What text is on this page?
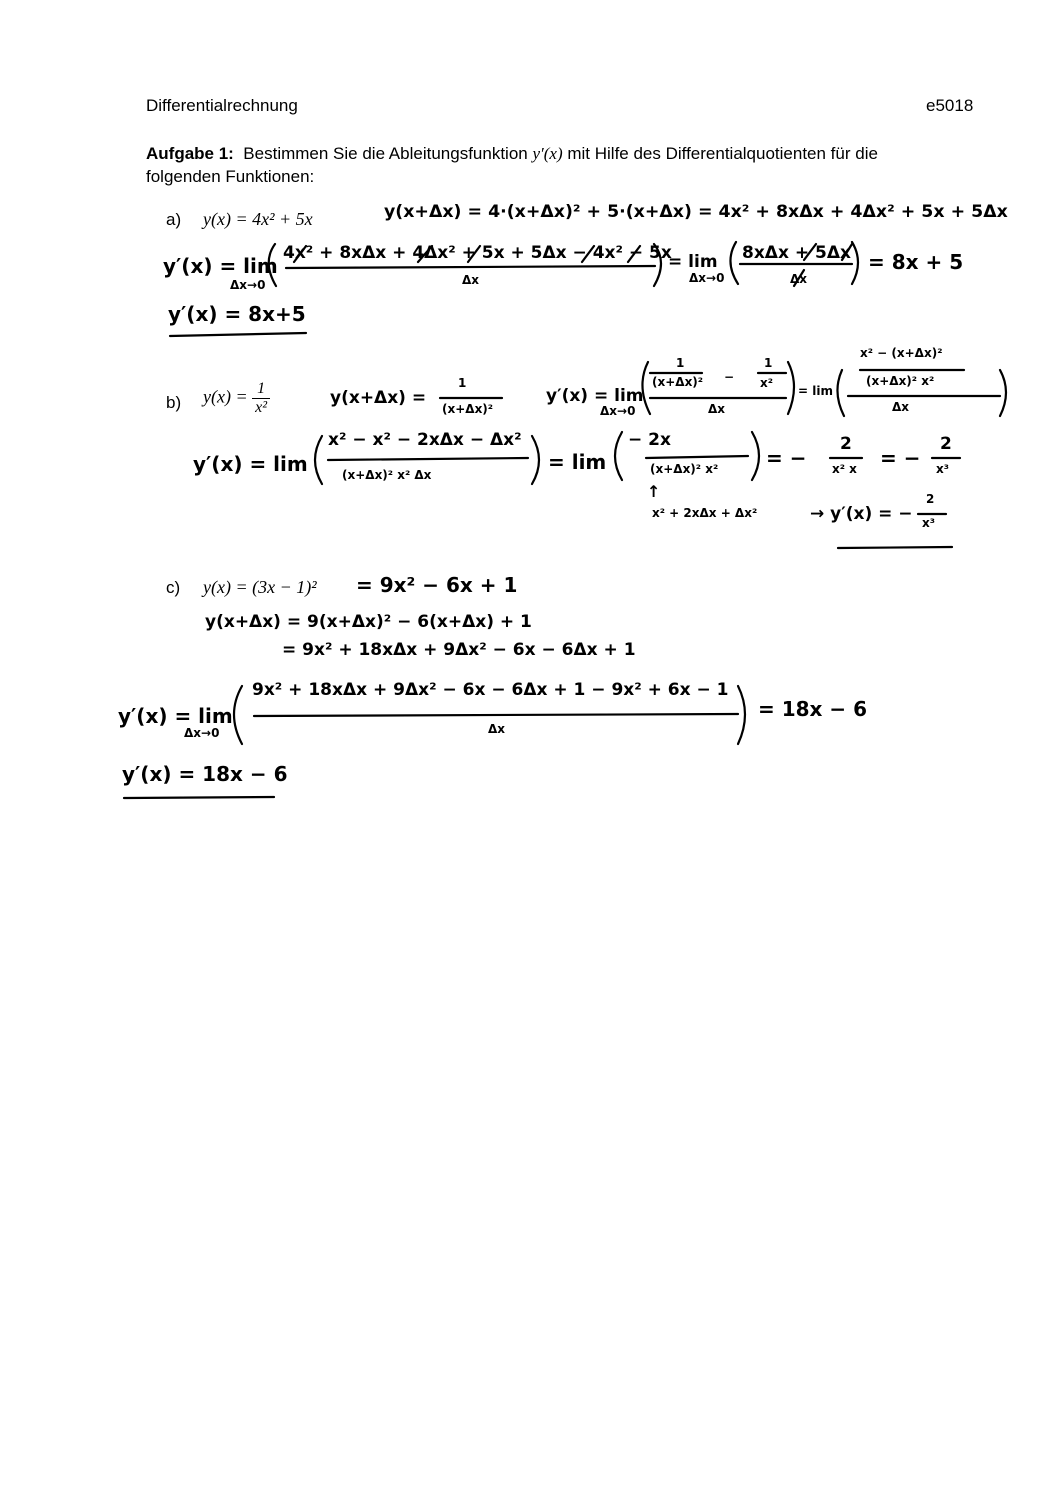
Differentialrechnung	e5018
Aufgabe 1: Bestimmen Sie die Ableitungsfunktion y′(x) mit Hilfe des Differentialquotienten für die
folgenden Funktionen:
a) y(x) = 4x² + 5x	y(x+Δx) = 4·(x+Δx)² + 5·(x+Δx) = 4x² + 8xΔx + 4Δx² + 5x + 5Δx
y′(x) = lim
Δx→0
4x² + 8xΔx + 4Δx² + 5x + 5Δx − 4x² − 5x
Δx
= lim
Δx→0
8xΔx + 5Δx
Δx
= 8x + 5
y′(x) = 8x+5
b) $y(x) = \frac{1}{\text{x²}}$	y(x+Δx) =
1
(x+Δx)²
y′(x) = lim
Δx→0
1
(x+Δx)² −
1
x²
Δx
= lim
x² − (x+Δx)²
(x+Δx)² x²
Δx
y′(x) = lim
x² − x² − 2xΔx − Δx²
(x+Δx)² x² Δx
= lim
− 2x
(x+Δx)² x² = −
2
x² x = −
2
x³
↑
x² + 2xΔx + Δx²	→ y′(x) = −
2
x³
c) y(x) = (3x − 1)² = 9x² − 6x + 1
y(x+Δx) = 9(x+Δx)² − 6(x+Δx) + 1
= 9x² + 18xΔx + 9Δx² − 6x − 6Δx + 1
y′(x) = lim
Δx→0
9x² + 18xΔx + 9Δx² − 6x − 6Δx + 1 − 9x² + 6x − 1
Δx
= 18x − 6
y′(x) = 18x − 6
